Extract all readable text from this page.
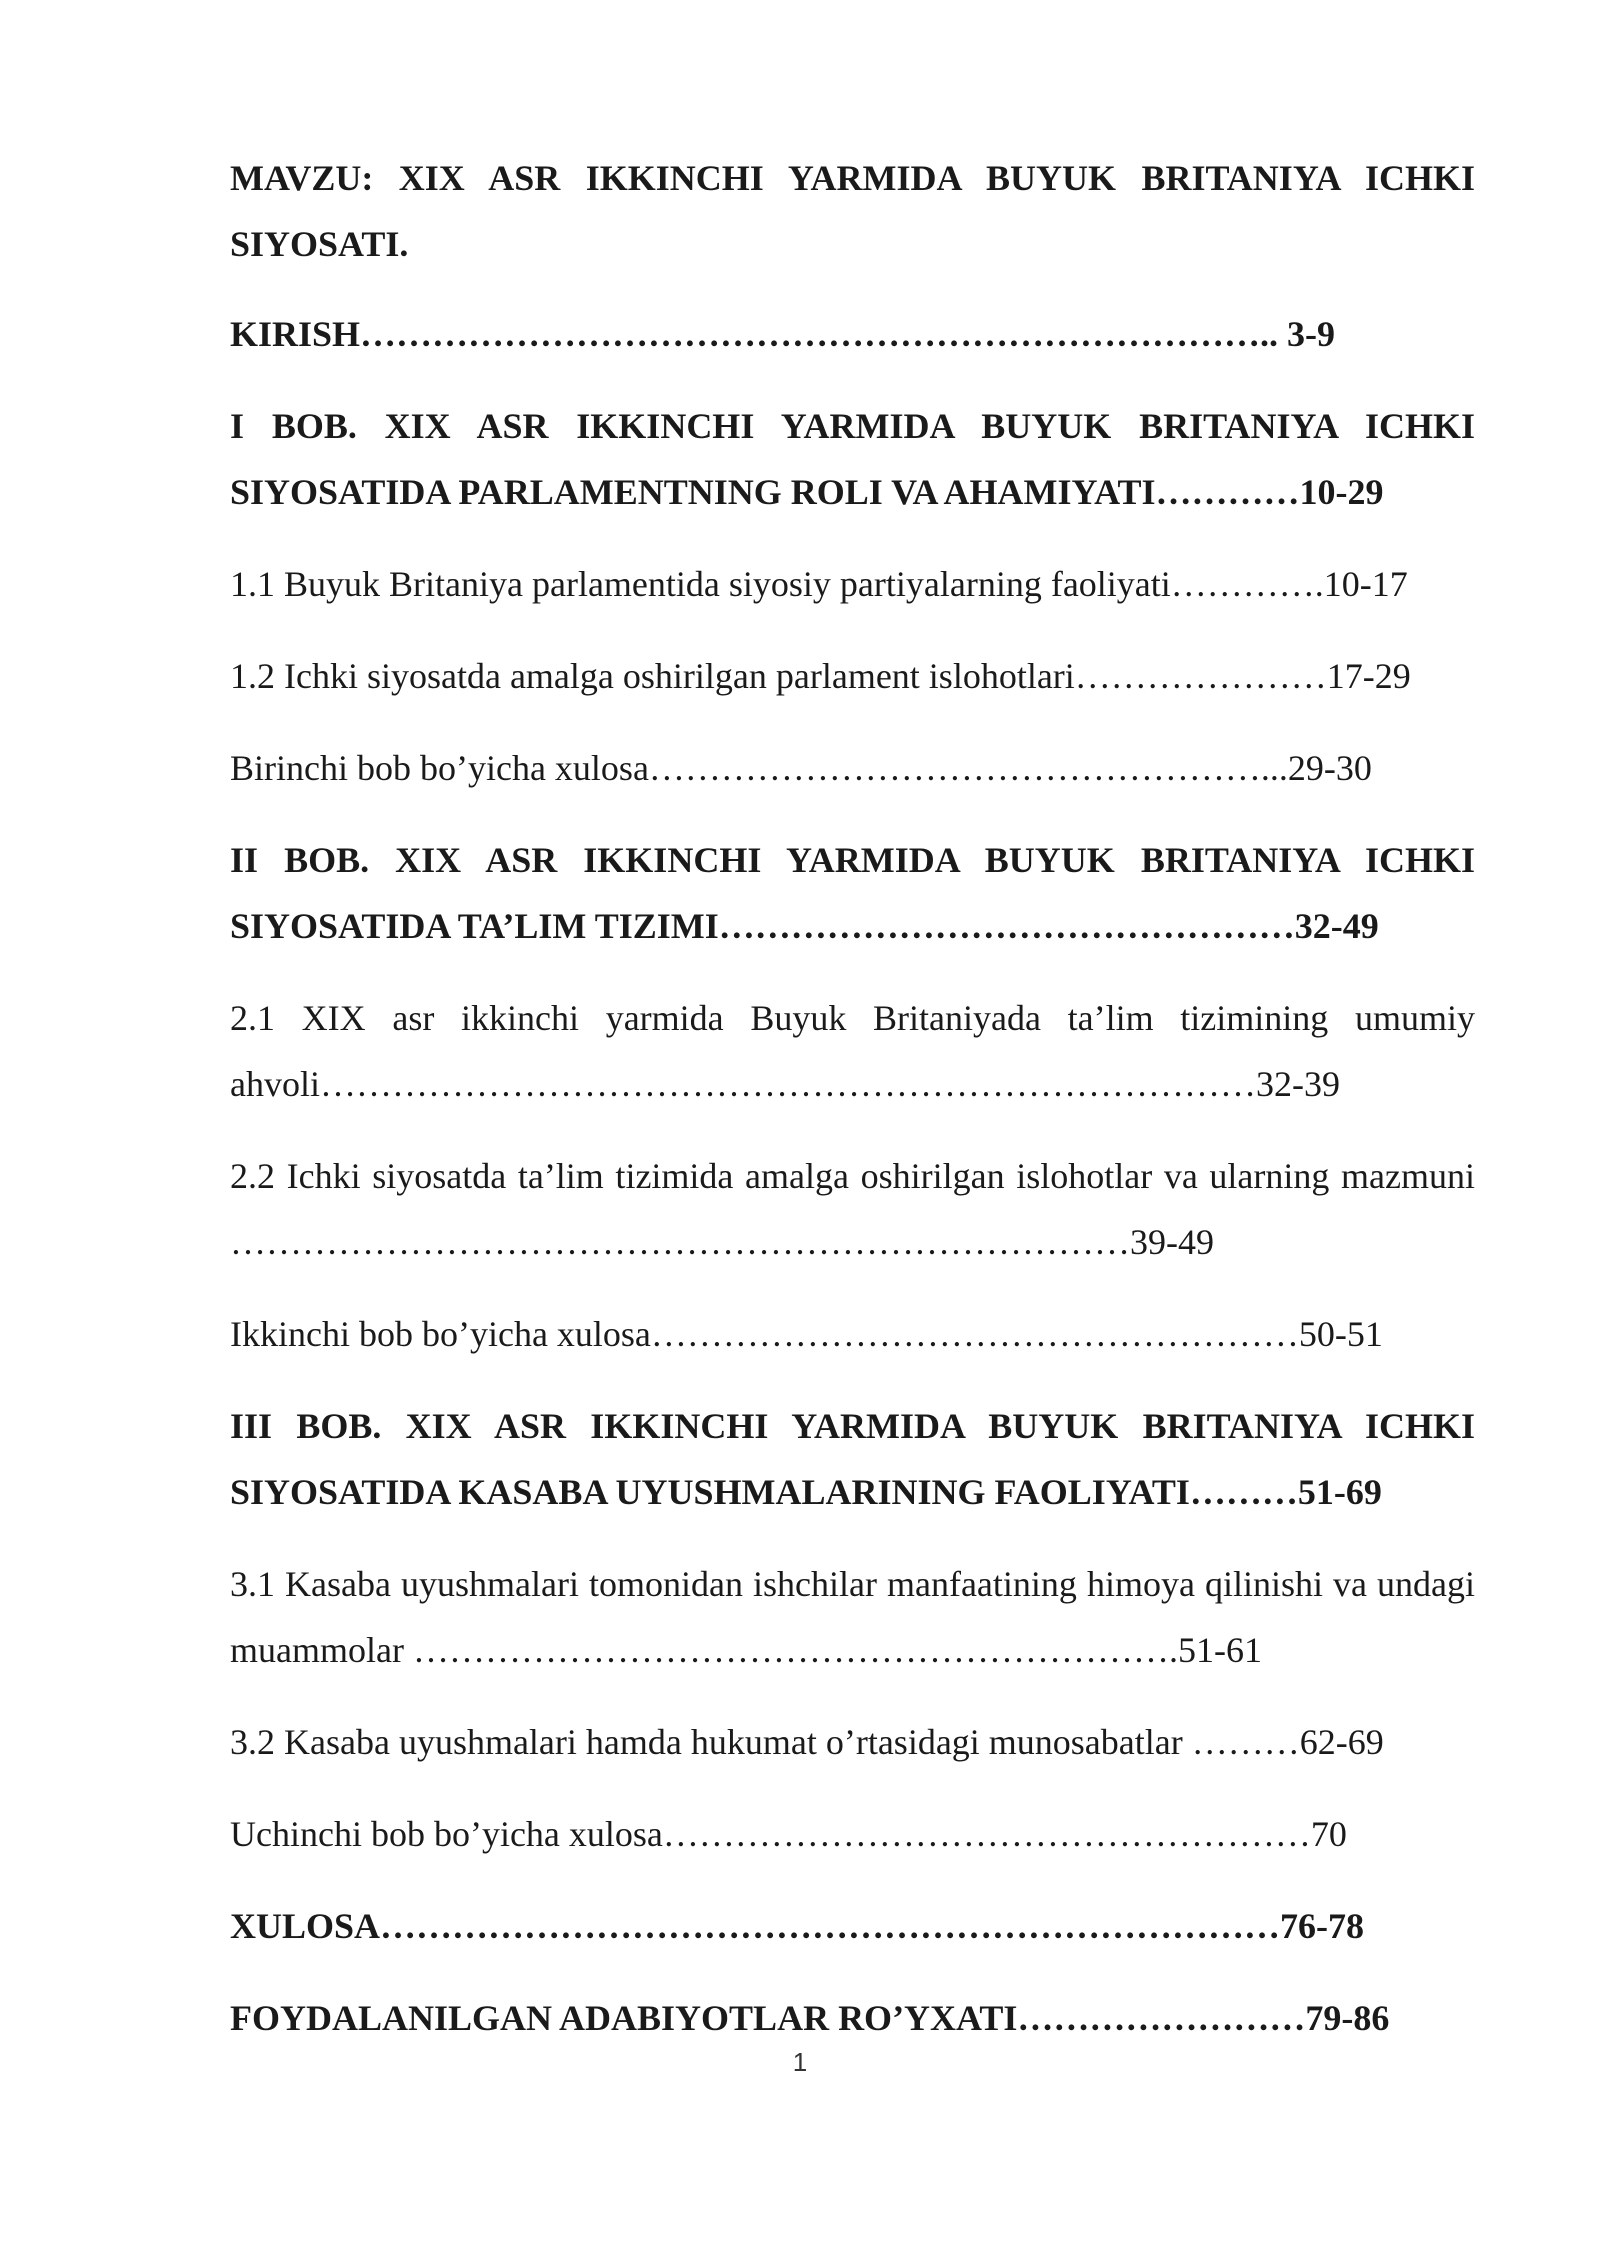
MAVZU: XIX ASR IKKINCHI YARMIDA BUYUK BRITANIYA ICHKI SIYOSATI.
KIRISH………………………………………………………………….. 3-9
I BOB. XIX ASR IKKINCHI YARMIDA BUYUK BRITANIYA ICHKI SIYOSATIDA PARLAMENTNING ROLI VA AHAMIYATI…………10-29
1.1 Buyuk Britaniya parlamentida siyosiy partiyalarning faoliyati………….10-17
1.2 Ichki siyosatda amalga oshirilgan parlament islohotlari…………………17-29
Birinchi bob bo’yicha xulosa……………………………………………...29-30
II BOB. XIX ASR IKKINCHI YARMIDA BUYUK BRITANIYA ICHKI SIYOSATIDA TA’LIM TIZIMI…………………………………………32-49
2.1 XIX asr ikkinchi yarmida Buyuk Britaniyada ta’lim tizimining umumiy ahvoli……………………………………………………………………32-39
2.2 Ichki siyosatda ta’lim tizimida amalga oshirilgan islohotlar va ularning mazmuni …………………………………………………………………39-49
Ikkinchi bob bo’yicha xulosa………………………………………………50-51
III BOB. XIX ASR IKKINCHI YARMIDA BUYUK BRITANIYA ICHKI SIYOSATIDA KASABA UYUSHMALARINING FAOLIYATI………51-69
3.1 Kasaba uyushmalari tomonidan ishchilar manfaatining himoya qilinishi va undagi muammolar ……………………………………………………….51-61
3.2 Kasaba uyushmalari hamda hukumat o’rtasidagi munosabatlar ………62-69
Uchinchi bob bo’yicha xulosa………………………………………………70
XULOSA…………………………………………………………………76-78
FOYDALANILGAN ADABIYOTLAR RO’YXATI……………………79-86
1
